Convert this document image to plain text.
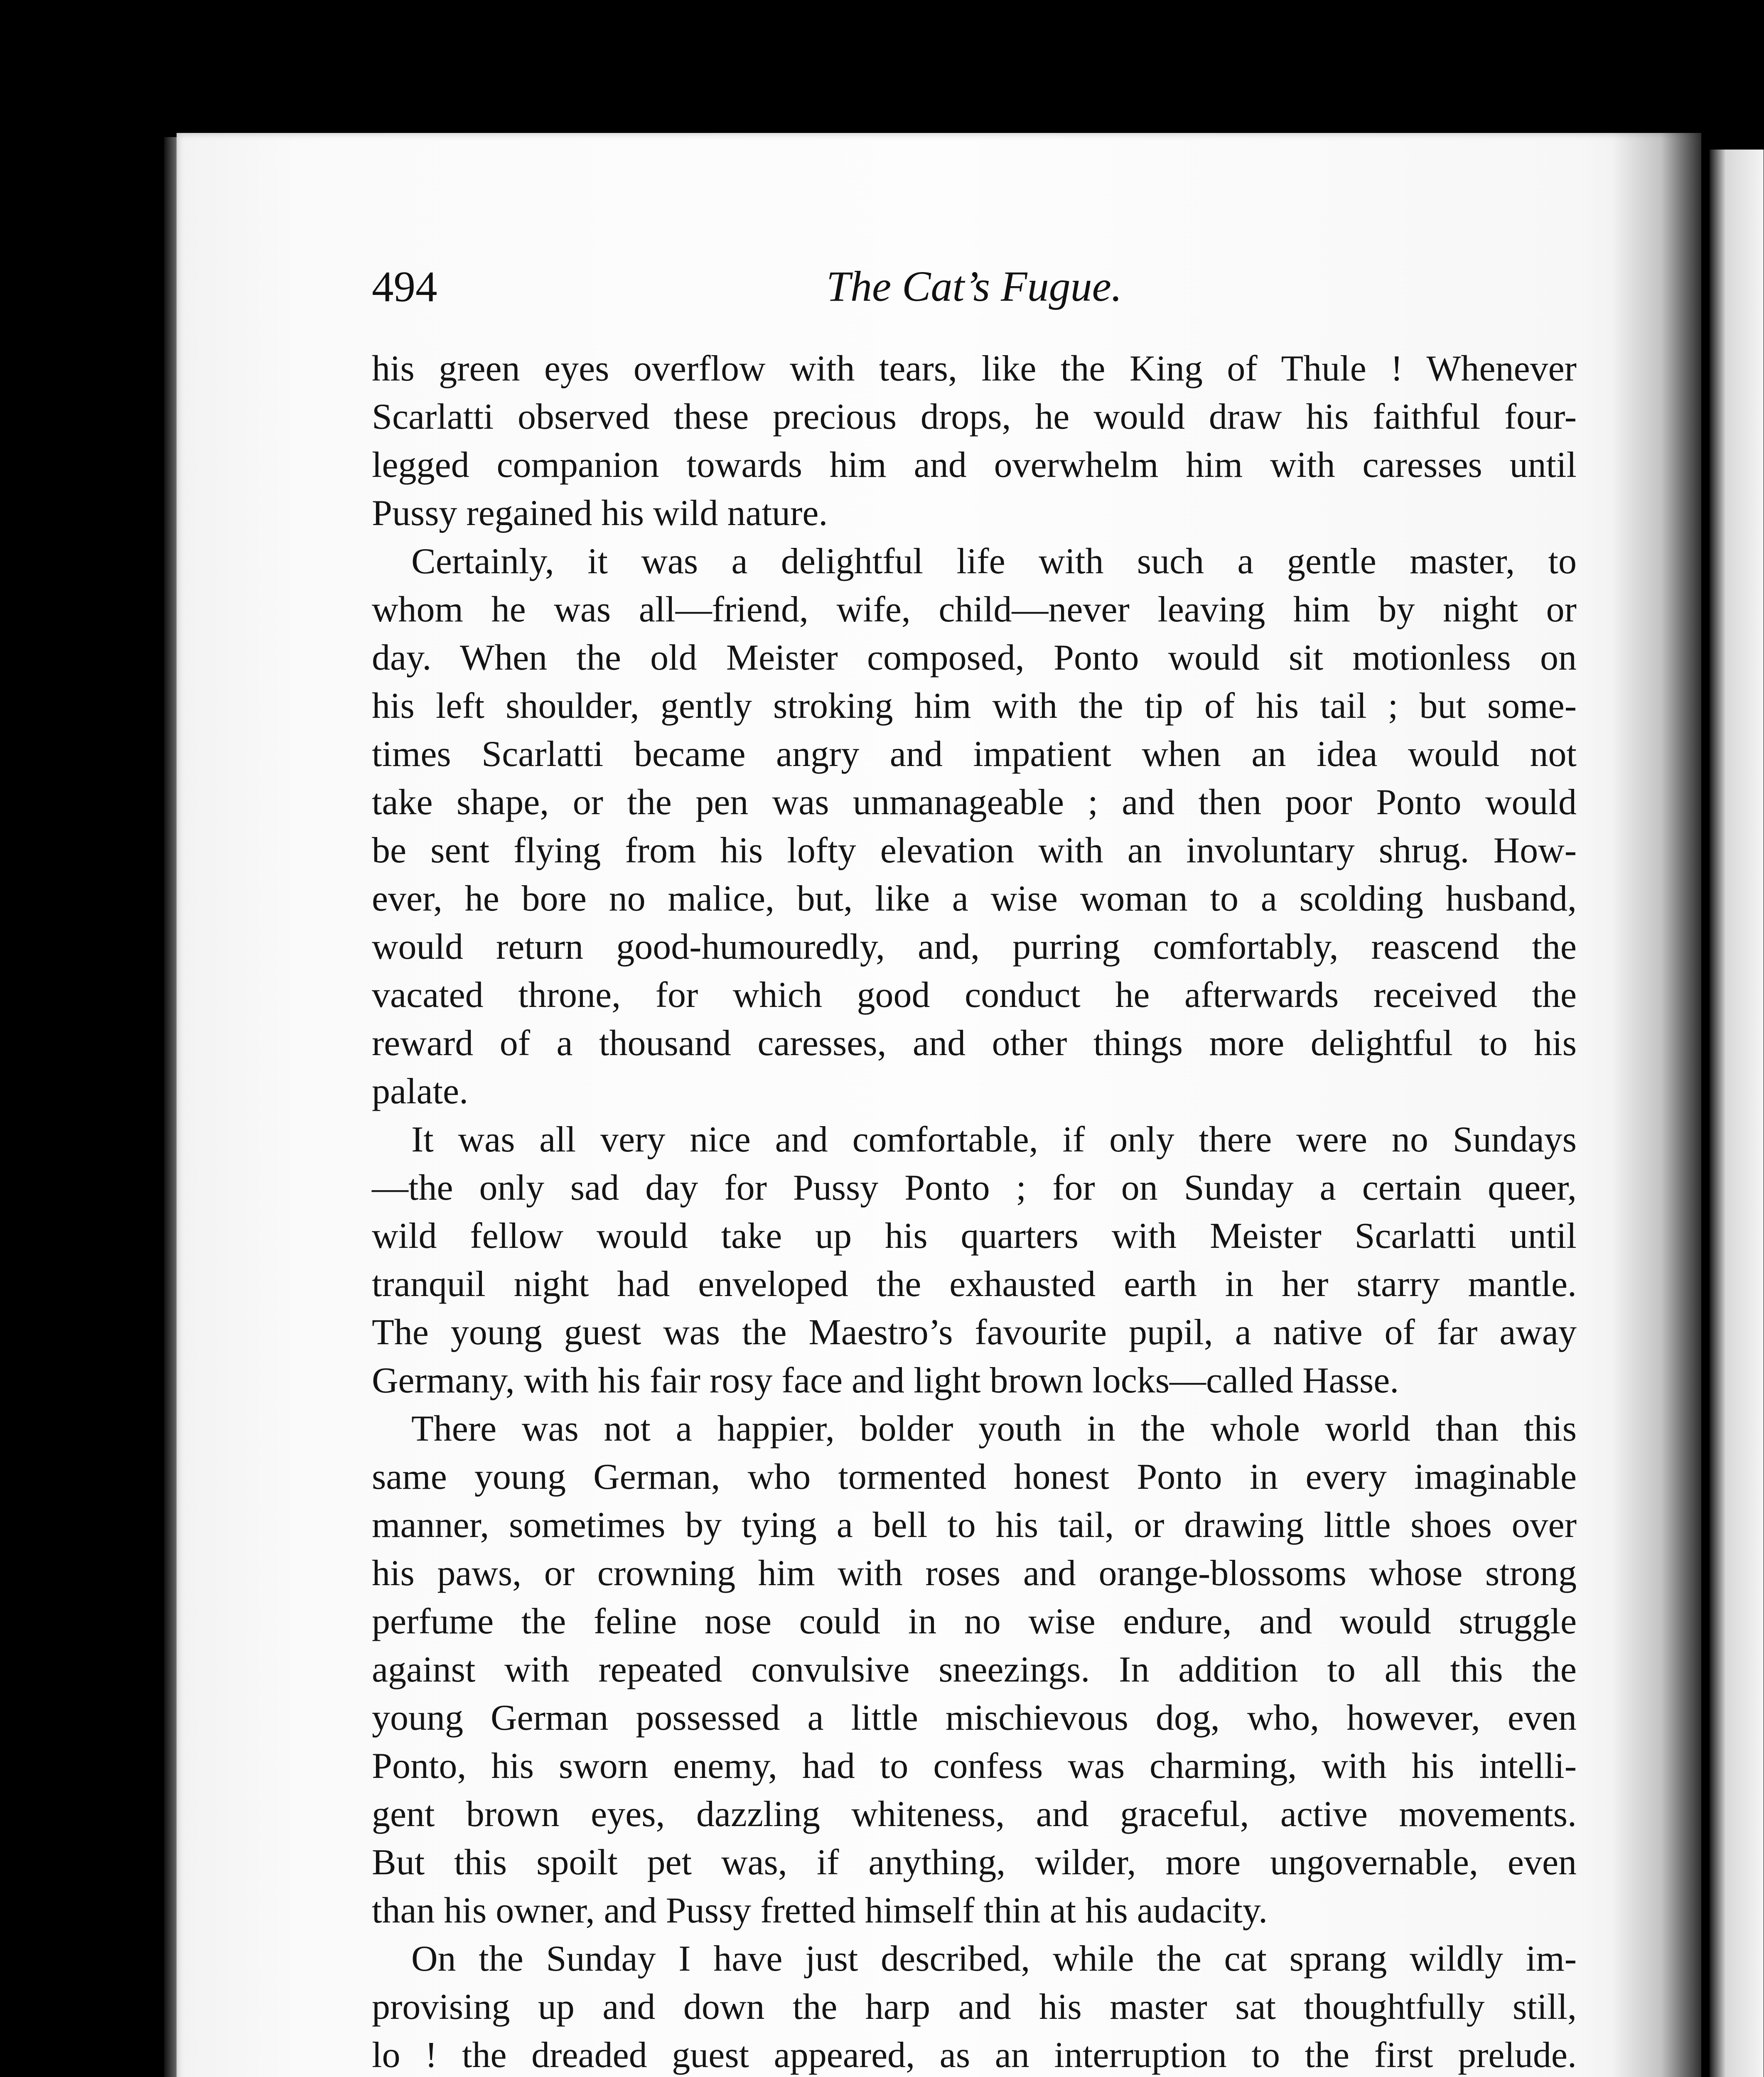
494	The Cat’s Fugue.

his green eyes overflow with tears, like the King of Thule ! Whenever
Scarlatti observed these precious drops, he would draw his faithful four-
legged companion towards him and overwhelm him with caresses until
Pussy regained his wild nature.

Certainly, it was a delightful life with such a gentle master, to
whom he was all—friend, wife, child—never leaving him by night or
day. When the old Meister composed, Ponto would sit motionless on
his left shoulder, gently stroking him with the tip of his tail ; but some-
times Scarlatti became angry and impatient when an idea would not
take shape, or the pen was unmanageable ; and then poor Ponto would
be sent flying from his lofty elevation with an involuntary shrug. How-
ever, he bore no malice, but, like a wise woman to a scolding husband,
would return good-humouredly, and, purring comfortably, reascend the
vacated throne, for which good conduct he afterwards received the
reward of a thousand caresses, and other things more delightful to his
palate.

It was all very nice and comfortable, if only there were no Sundays
—the only sad day for Pussy Ponto ; for on Sunday a certain queer,
wild fellow would take up his quarters with Meister Scarlatti until
tranquil night had enveloped the exhausted earth in her starry mantle.
The young guest was the Maestro’s favourite pupil, a native of far away
Germany, with his fair rosy face and light brown locks—called Hasse.

There was not a happier, bolder youth in the whole world than this
same young German, who tormented honest Ponto in every imaginable
manner, sometimes by tying a bell to his tail, or drawing little shoes over
his paws, or crowning him with roses and orange-blossoms whose strong
perfume the feline nose could in no wise endure, and would struggle
against with repeated convulsive sneezings. In addition to all this the
young German possessed a little mischievous dog, who, however, even
Ponto, his sworn enemy, had to confess was charming, with his intelli-
gent brown eyes, dazzling whiteness, and graceful, active movements.
But this spoilt pet was, if anything, wilder, more ungovernable, even
than his owner, and Pussy fretted himself thin at his audacity.

On the Sunday I have just described, while the cat sprang wildly im-
provising up and down the harp and his master sat thoughtfully still,
lo ! the dreaded guest appeared, as an interruption to the first prelude.
